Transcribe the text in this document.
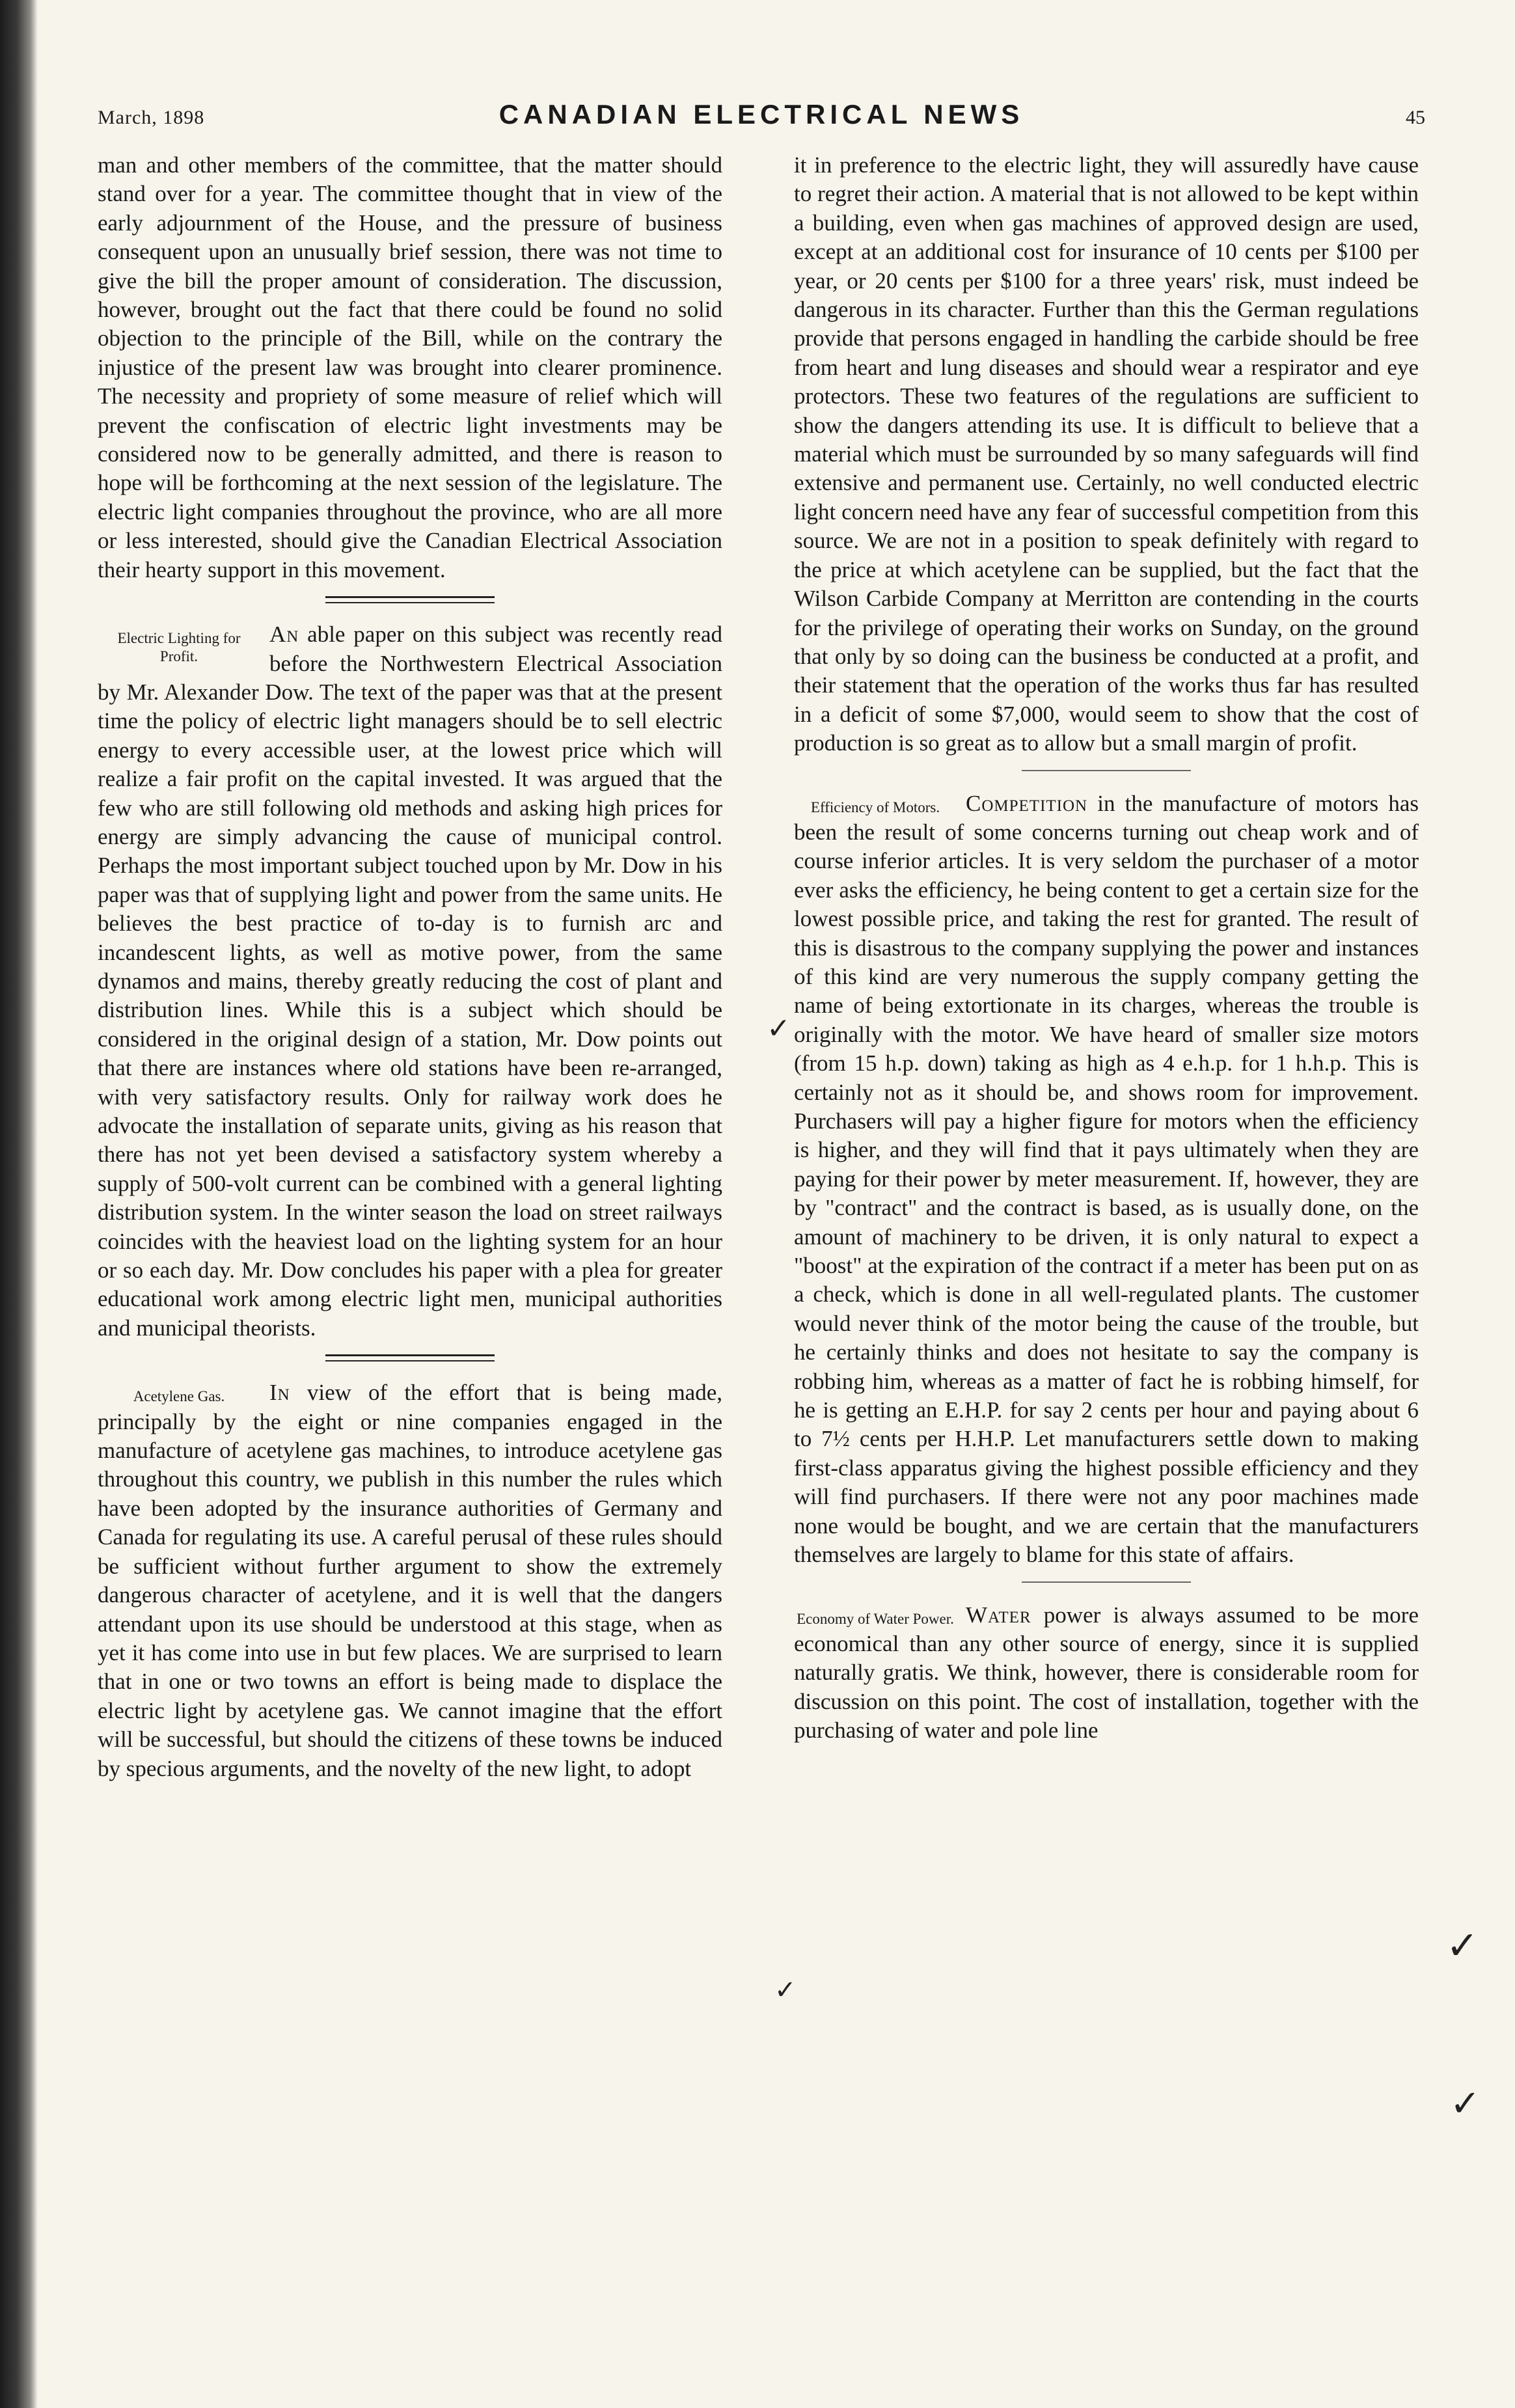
March, 1898	CANADIAN ELECTRICAL NEWS	45

man and other members of the committee, that the matter should stand over for a year. The committee thought that in view of the early adjournment of the House, and the pressure of business consequent upon an unusually brief session, there was not time to give the bill the proper amount of consideration. The discussion, however, brought out the fact that there could be found no solid objection to the principle of the Bill, while on the contrary the injustice of the present law was brought into clearer prominence. The necessity and propriety of some measure of relief which will prevent the confiscation of electric light investments may be considered now to be generally admitted, and there is reason to hope will be forthcoming at the next session of the legislature. The electric light companies throughout the province, who are all more or less interested, should give the Canadian Electrical Association their hearty support in this movement.

Electric Lighting for Profit.
An able paper on this subject was recently read before the Northwestern Electrical Association by Mr. Alexander Dow. The text of the paper was that at the present time the policy of electric light managers should be to sell electric energy to every accessible user, at the lowest price which will realize a fair profit on the capital invested. It was argued that the few who are still following old methods and asking high prices for energy are simply advancing the cause of municipal control. Perhaps the most important subject touched upon by Mr. Dow in his paper was that of supplying light and power from the same units. He believes the best practice of to-day is to furnish arc and incandescent lights, as well as motive power, from the same dynamos and mains, thereby greatly reducing the cost of plant and distribution lines. While this is a subject which should be considered in the original design of a station, Mr. Dow points out that there are instances where old stations have been re-arranged, with very satisfactory results. Only for railway work does he advocate the installation of separate units, giving as his reason that there has not yet been devised a satisfactory system whereby a supply of 500-volt current can be combined with a general lighting distribution system. In the winter season the load on street railways coincides with the heaviest load on the lighting system for an hour or so each day. Mr. Dow concludes his paper with a plea for greater educational work among electric light men, municipal authorities and municipal theorists.

Acetylene Gas.	In view of the effort that is being made, principally by the eight or nine companies engaged in the manufacture of acetylene gas machines, to introduce acetylene gas throughout this country, we publish in this number the rules which have been adopted by the insurance authorities of Germany and Canada for regulating its use. A careful perusal of these rules should be sufficient without further argument to show the extremely dangerous character of acetylene, and it is well that the dangers attendant upon its use should be understood at this stage, when as yet it has come into use in but few places. We are surprised to learn that in one or two towns an effort is being made to displace the electric light by acetylene gas. We cannot imagine that the effort will be successful, but should the citizens of these towns be induced by specious arguments, and the novelty of the new light, to adopt

it in preference to the electric light, they will assuredly have cause to regret their action. A material that is not allowed to be kept within a building, even when gas machines of approved design are used, except at an additional cost for insurance of 10 cents per $100 per year, or 20 cents per $100 for a three years' risk, must indeed be dangerous in its character. Further than this the German regulations provide that persons engaged in handling the carbide should be free from heart and lung diseases and should wear a respirator and eye protectors. These two features of the regulations are sufficient to show the dangers attending its use. It is difficult to believe that a material which must be surrounded by so many safeguards will find extensive and permanent use. Certainly, no well conducted electric light concern need have any fear of successful competition from this source. We are not in a position to speak definitely with regard to the price at which acetylene can be supplied, but the fact that the Wilson Carbide Company at Merritton are contending in the courts for the privilege of operating their works on Sunday, on the ground that only by so doing can the business be conducted at a profit, and their statement that the operation of the works thus far has resulted in a deficit of some $7,000, would seem to show that the cost of production is so great as to allow but a small margin of profit.

Efficiency of Motors.	Competition in the manufacture of motors has been the result of some concerns turning out cheap work and of course inferior articles. It is very seldom the purchaser of a motor ever asks the efficiency, he being content to get a certain size for the lowest possible price, and taking the rest for granted. The result of this is disastrous to the company supplying the power and instances of this kind are very numerous the supply company getting the name of being extortionate in its charges, whereas the trouble is originally with the motor. We have heard of smaller size motors (from 15 h.p. down) taking as high as 4 e.h.p. for 1 h.h.p. This is certainly not as it should be, and shows room for improvement. Purchasers will pay a higher figure for motors when the efficiency is higher, and they will find that it pays ultimately when they are paying for their power by meter measurement. If, however, they are by "contract" and the contract is based, as is usually done, on the amount of machinery to be driven, it is only natural to expect a "boost" at the expiration of the contract if a meter has been put on as a check, which is done in all well-regulated plants. The customer would never think of the motor being the cause of the trouble, but he certainly thinks and does not hesitate to say the company is robbing him, whereas as a matter of fact he is robbing himself, for he is getting an E.H.P. for say 2 cents per hour and paying about 6 to 7½ cents per H.H.P. Let manufacturers settle down to making first-class apparatus giving the highest possible efficiency and they will find purchasers. If there were not any poor machines made none would be bought, and we are certain that the manufacturers themselves are largely to blame for this state of affairs.

Economy of Water Power. Water power is always assumed to be more economical than any other source of energy, since it is supplied naturally gratis. We think, however, there is considerable room for discussion on this point. The cost of installation, together with the purchasing of water and pole line

✓
✓
✓
✓
